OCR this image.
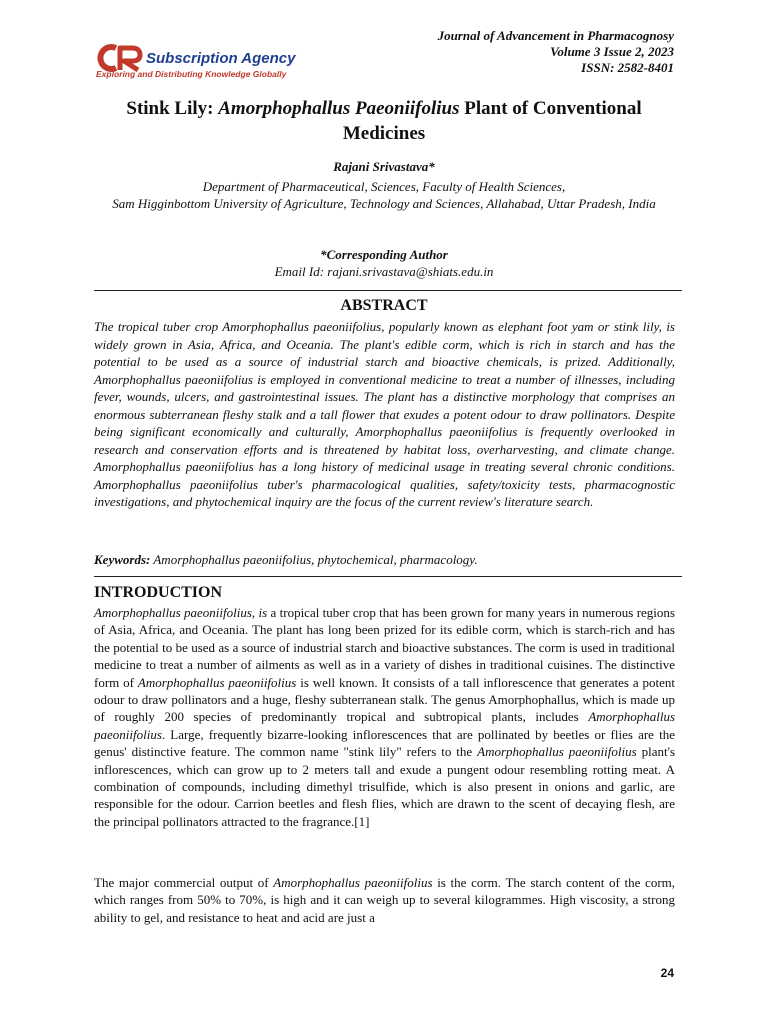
Journal of Advancement in Pharmacognosy
Volume 3 Issue 2, 2023
ISSN: 2582-8401
Subscription Agency
Exploring and Distributing Knowledge Globally
Stink Lily: Amorphophallus Paeoniifolius Plant of Conventional Medicines
Rajani Srivastava*
Department of Pharmaceutical, Sciences, Faculty of Health Sciences,
Sam Higginbottom University of Agriculture, Technology and Sciences, Allahabad, Uttar Pradesh, India
*Corresponding Author
Email Id: rajani.srivastava@shiats.edu.in
ABSTRACT
The tropical tuber crop Amorphophallus paeoniifolius, popularly known as elephant foot yam or stink lily, is widely grown in Asia, Africa, and Oceania. The plant's edible corm, which is rich in starch and has the potential to be used as a source of industrial starch and bioactive chemicals, is prized. Additionally, Amorphophallus paeoniifolius is employed in conventional medicine to treat a number of illnesses, including fever, wounds, ulcers, and gastrointestinal issues. The plant has a distinctive morphology that comprises an enormous subterranean fleshy stalk and a tall flower that exudes a potent odour to draw pollinators. Despite being significant economically and culturally, Amorphophallus paeoniifolius is frequently overlooked in research and conservation efforts and is threatened by habitat loss, overharvesting, and climate change. Amorphophallus paeoniifolius has a long history of medicinal usage in treating several chronic conditions. Amorphophallus paeoniifolius tuber's pharmacological qualities, safety/toxicity tests, pharmacognostic investigations, and phytochemical inquiry are the focus of the current review's literature search.
Keywords: Amorphophallus paeoniifolius, phytochemical, pharmacology.
INTRODUCTION
Amorphophallus paeoniifolius, is a tropical tuber crop that has been grown for many years in numerous regions of Asia, Africa, and Oceania. The plant has long been prized for its edible corm, which is starch-rich and has the potential to be used as a source of industrial starch and bioactive substances. The corm is used in traditional medicine to treat a number of ailments as well as in a variety of dishes in traditional cuisines. The distinctive form of Amorphophallus paeoniifolius is well known. It consists of a tall inflorescence that generates a potent odour to draw pollinators and a huge, fleshy subterranean stalk. The genus Amorphophallus, which is made up of roughly 200 species of predominantly tropical and subtropical plants, includes Amorphophallus paeoniifolius. Large, frequently bizarre-looking inflorescences that are pollinated by beetles or flies are the genus' distinctive feature. The common name "stink lily" refers to the Amorphophallus paeoniifolius plant's inflorescences, which can grow up to 2 meters tall and exude a pungent odour resembling rotting meat. A combination of compounds, including dimethyl trisulfide, which is also present in onions and garlic, are responsible for the odour. Carrion beetles and flesh flies, which are drawn to the scent of decaying flesh, are the principal pollinators attracted to the fragrance.[1]
The major commercial output of Amorphophallus paeoniifolius is the corm. The starch content of the corm, which ranges from 50% to 70%, is high and it can weigh up to several kilogrammes. High viscosity, a strong ability to gel, and resistance to heat and acid are just a
24
